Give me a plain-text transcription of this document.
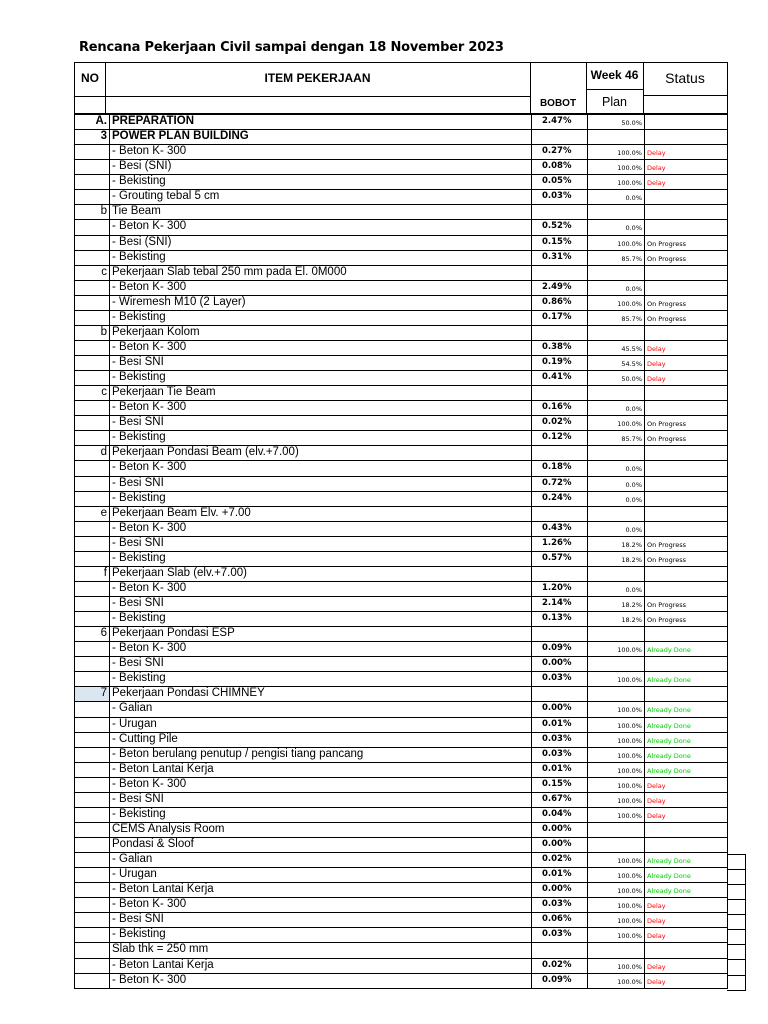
Rencana Pekerjaan Civil sampai dengan 18 November 2023
NO	ITEM PEKERJAAN	Week 46	Status
BOBOT	Plan
A. PREPARATION	2.47%	50.0%
3 POWER PLAN BUILDING
- Beton K- 300	0.27%	100.0% Delay
- Besi (SNI)	0.08%	100.0% Delay
- Bekisting	0.05%	100.0% Delay
- Grouting tebal 5 cm	0.03%	0.0%
b Tie Beam
- Beton K- 300	0.52%	0.0%
- Besi (SNI)	0.15%	100.0% On Progress
- Bekisting	0.31%	85.7% On Progress
c Pekerjaan Slab tebal 250 mm pada El. 0M000
- Beton K- 300	2.49%	0.0%
- Wiremesh M10 (2 Layer)	0.86%	100.0% On Progress
- Bekisting	0.17%	85.7% On Progress
b Pekerjaan Kolom
- Beton K- 300	0.38%	45.5% Delay
- Besi SNI	0.19%	54.5% Delay
- Bekisting	0.41%	50.0% Delay
c Pekerjaan Tie Beam
- Beton K- 300	0.16%	0.0%
- Besi SNI	0.02%	100.0% On Progress
- Bekisting	0.12%	85.7% On Progress
d Pekerjaan Pondasi Beam (elv.+7.00)
- Beton K- 300	0.18%	0.0%
- Besi SNI	0.72%	0.0%
- Bekisting	0.24%	0.0%
e Pekerjaan Beam Elv. +7.00
- Beton K- 300	0.43%	0.0%
- Besi SNI	1.26%	18.2% On Progress
- Bekisting	0.57%	18.2% On Progress
f Pekerjaan Slab (elv.+7.00)
- Beton K- 300	1.20%	0.0%
- Besi SNI	2.14%	18.2% On Progress
- Bekisting	0.13%	18.2% On Progress
6 Pekerjaan Pondasi ESP
- Beton K- 300	0.09%	100.0% Already Done
- Besi SNI	0.00%
- Bekisting	0.03%	100.0% Already Done
7 Pekerjaan Pondasi CHIMNEY
- Galian	0.00%	100.0% Already Done
- Urugan	0.01%	100.0% Already Done
- Cutting Pile	0.03%	100.0% Already Done
- Beton berulang penutup / pengisi tiang pancang	0.03%	100.0% Already Done
- Beton Lantai Kerja	0.01%	100.0% Already Done
- Beton K- 300	0.15%	100.0% Delay
- Besi SNI	0.67%	100.0% Delay
- Bekisting	0.04%	100.0% Delay
CEMS Analysis Room	0.00%
Pondasi & Sloof	0.00%
- Galian	0.02%	100.0% Already Done
- Urugan	0.01%	100.0% Already Done
- Beton Lantai Kerja	0.00%	100.0% Already Done
- Beton K- 300	0.03%	100.0% Delay
- Besi SNI	0.06%	100.0% Delay
- Bekisting	0.03%	100.0% Delay
Slab thk = 250 mm
- Beton Lantai Kerja	0.02%	100.0% Delay
- Beton K- 300	0.09%	100.0% Delay
